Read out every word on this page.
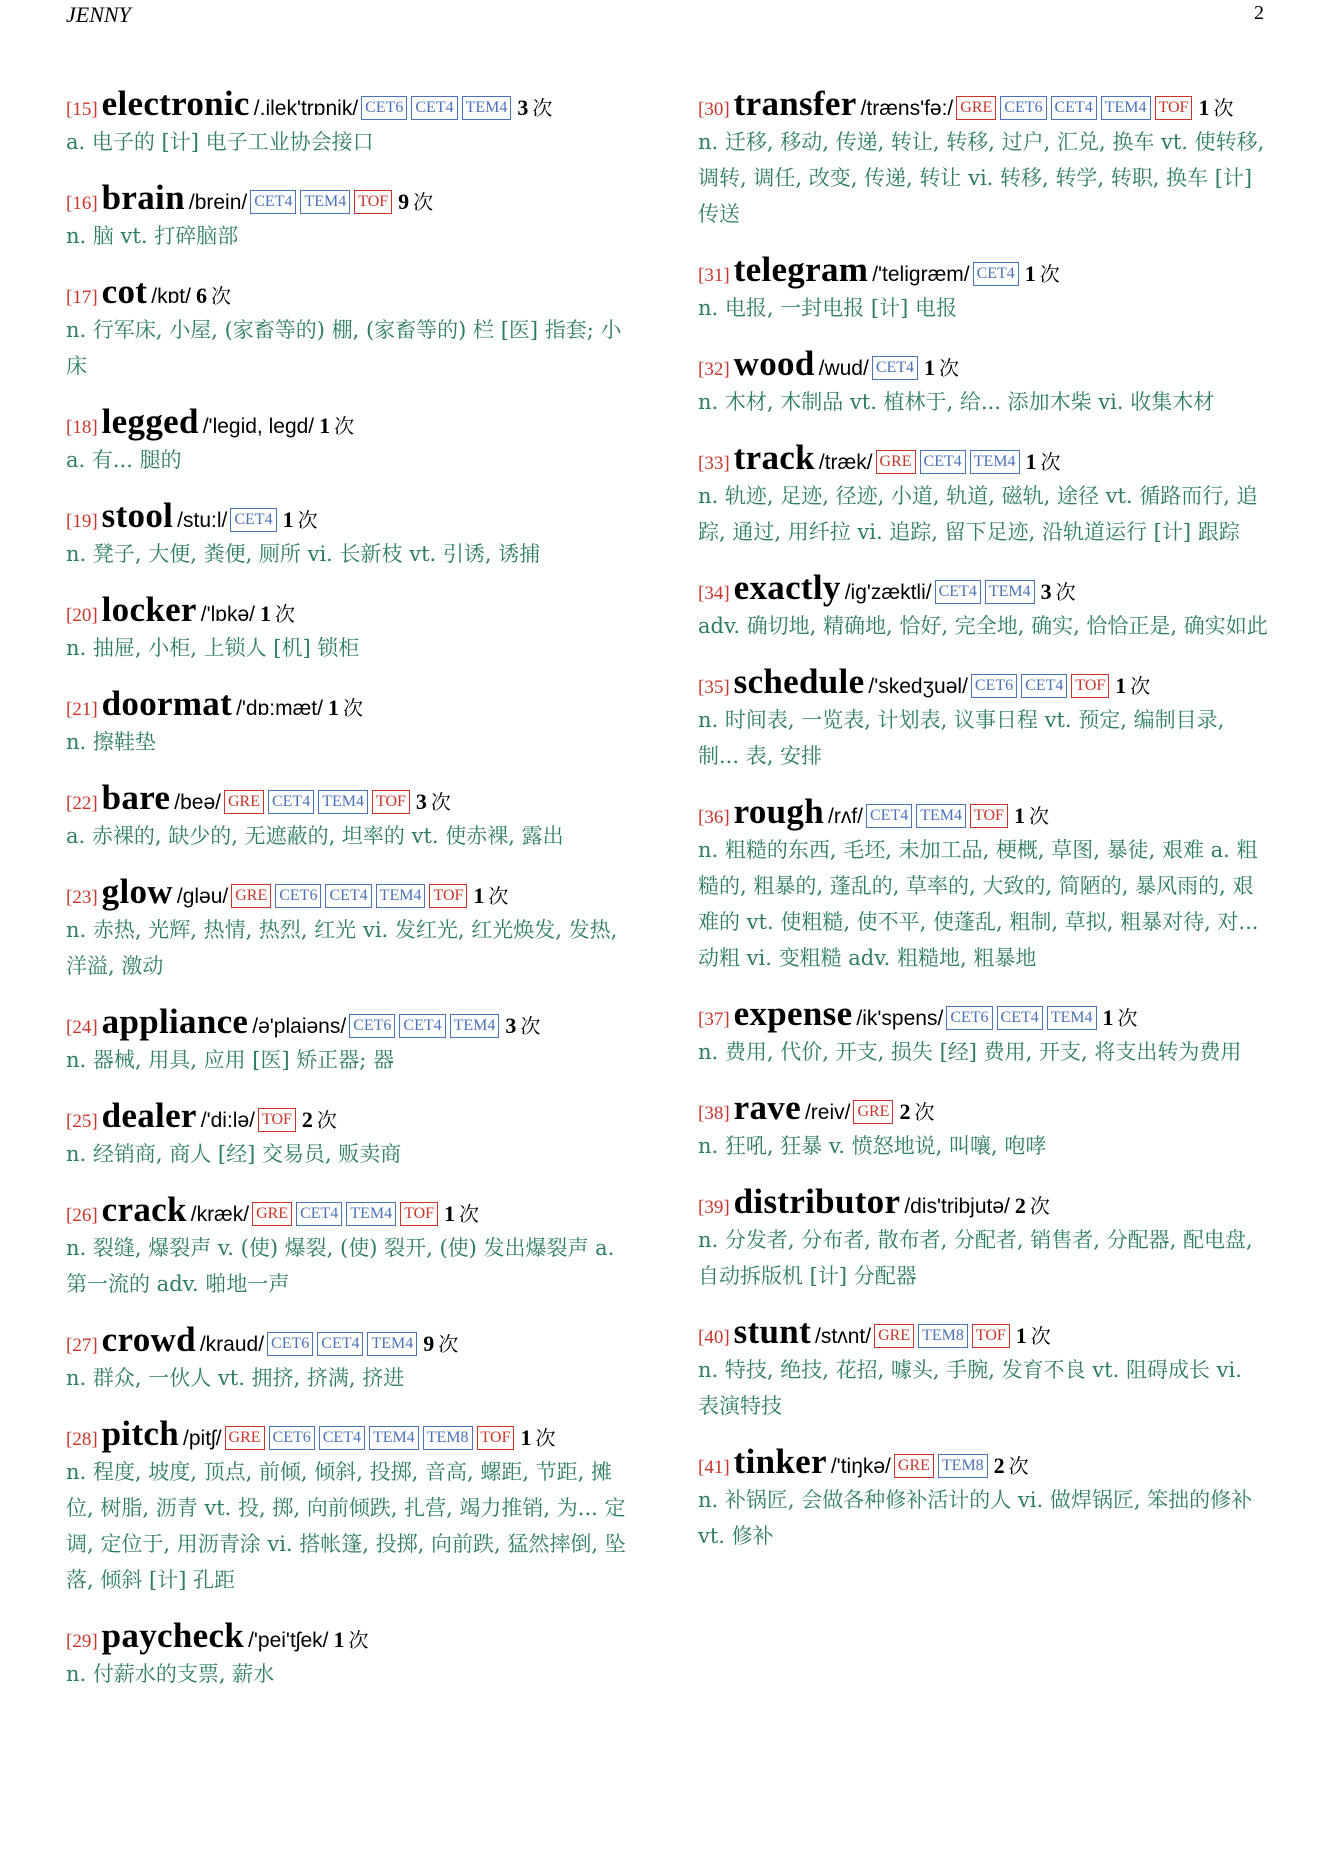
JENNY	2
[15] electronic /.ilek'trɒnik/ CET6 CET4 TEM4 3 次

a. 电子的 [计] 电子工业协会接口

[16] brain /brein/ CET4 TEM4 TOF 9 次

n. 脑 vt. 打碎脑部

[17] cot /kɒt/ 6 次

n. 行军床, 小屋, (家畜等的) 棚, (家畜等的) 栏 [医] 指套; 小床

[18] legged /'legid, legd/ 1 次

a. 有... 腿的

[19] stool /stu:l/ CET4 1 次

n. 凳子, 大便, 粪便, 厕所 vi. 长新枝 vt. 引诱, 诱捕

[20] locker /'lɒkə/ 1 次

n. 抽屉, 小柜, 上锁人 [机] 锁柜

[21] doormat /'dɒ:mæt/ 1 次

n. 擦鞋垫

[22] bare /beə/ GRE CET4 TEM4 TOF 3 次

a. 赤裸的, 缺少的, 无遮蔽的, 坦率的 vt. 使赤裸, 露出

[23] glow /gləu/ GRE CET6 CET4 TEM4 TOF 1 次

n. 赤热, 光辉, 热情, 热烈, 红光 vi. 发红光, 红光焕发, 发热, 洋溢, 激动

[24] appliance /ə'plaiəns/ CET6 CET4 TEM4 3 次

n. 器械, 用具, 应用 [医] 矫正器; 器

[25] dealer /'di:lə/ TOF 2 次

n. 经销商, 商人 [经] 交易员, 贩卖商

[26] crack /kræk/ GRE CET4 TEM4 TOF 1 次

n. 裂缝, 爆裂声 v. (使) 爆裂, (使) 裂开, (使) 发出爆裂声 a. 第一流的 adv. 啪地一声

[27] crowd /kraud/ CET6 CET4 TEM4 9 次

n. 群众, 一伙人 vt. 拥挤, 挤满, 挤进

[28] pitch /pitʃ/ GRE CET6 CET4 TEM4 TEM8 TOF 1 次

n. 程度, 坡度, 顶点, 前倾, 倾斜, 投掷, 音高, 螺距, 节距, 摊位, 树脂, 沥青 vt. 投, 掷, 向前倾跌, 扎营, 竭力推销, 为... 定调, 定位于, 用沥青涂 vi. 搭帐篷, 投掷, 向前跌, 猛然摔倒, 坠落, 倾斜 [计] 孔距

[29] paycheck /'pei'tʃek/ 1 次

n. 付薪水的支票, 薪水

[30] transfer /træns'fə:/ GRE CET6 CET4 TEM4 TOF 1 次

n. 迁移, 移动, 传递, 转让, 转移, 过户, 汇兑, 换车 vt. 使转移, 调转, 调任, 改变, 传递, 转让 vi. 转移, 转学, 转职, 换车 [计] 传送

[31] telegram /'teligræm/ CET4 1 次

n. 电报, 一封电报 [计] 电报

[32] wood /wud/ CET4 1 次

n. 木材, 木制品 vt. 植林于, 给... 添加木柴 vi. 收集木材

[33] track /træk/ GRE CET4 TEM4 1 次

n. 轨迹, 足迹, 径迹, 小道, 轨道, 磁轨, 途径 vt. 循路而行, 追踪, 通过, 用纤拉 vi. 追踪, 留下足迹, 沿轨道运行 [计] 跟踪

[34] exactly /ig'zæktli/ CET4 TEM4 3 次

adv. 确切地, 精确地, 恰好, 完全地, 确实, 恰恰正是, 确实如此

[35] schedule /'skedʒuəl/ CET6 CET4 TOF 1 次

n. 时间表, 一览表, 计划表, 议事日程 vt. 预定, 编制目录, 制... 表, 安排

[36] rough /rʌf/ CET4 TEM4 TOF 1 次

n. 粗糙的东西, 毛坯, 未加工品, 梗概, 草图, 暴徒, 艰难 a. 粗糙的, 粗暴的, 蓬乱的, 草率的, 大致的, 简陋的, 暴风雨的, 艰难的 vt. 使粗糙, 使不平, 使蓬乱, 粗制, 草拟, 粗暴对待, 对... 动粗 vi. 变粗糙 adv. 粗糙地, 粗暴地

[37] expense /ik'spens/ CET6 CET4 TEM4 1 次

n. 费用, 代价, 开支, 损失 [经] 费用, 开支, 将支出转为费用

[38] rave /reiv/ GRE 2 次

n. 狂吼, 狂暴 v. 愤怒地说, 叫嚷, 咆哮

[39] distributor /dis'tribjutə/ 2 次

n. 分发者, 分布者, 散布者, 分配者, 销售者, 分配器, 配电盘, 自动拆版机 [计] 分配器

[40] stunt /stʌnt/ GRE TEM8 TOF 1 次

n. 特技, 绝技, 花招, 噱头, 手腕, 发育不良 vt. 阻碍成长 vi. 表演特技

[41] tinker /'tiŋkə/ GRE TEM8 2 次

n. 补锅匠, 会做各种修补活计的人 vi. 做焊锅匠, 笨拙的修补 vt. 修补
